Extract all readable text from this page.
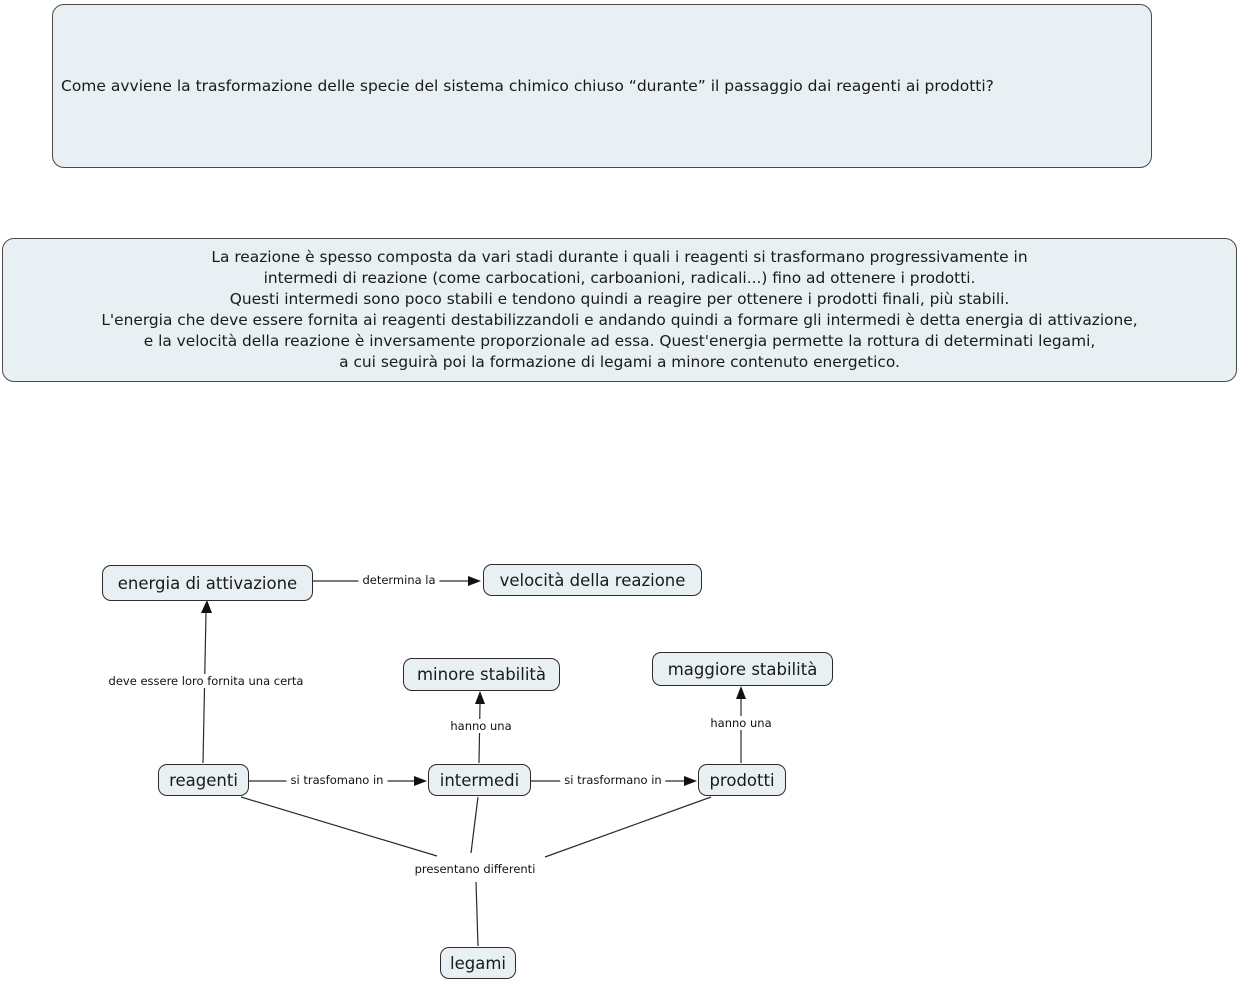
Come avviene la trasformazione delle specie del sistema chimico chiuso “durante” il passaggio dai reagenti ai prodotti?
La reazione è spesso composta da vari stadi durante i quali i reagenti si trasformano progressivamente in
intermedi di reazione (come carbocationi, carboanioni, radicali...) fino ad ottenere i prodotti.
Questi intermedi sono poco stabili e tendono quindi a reagire per ottenere i prodotti finali, più stabili.
L'energia che deve essere fornita ai reagenti destabilizzandoli e andando quindi a formare gli intermedi è detta energia di attivazione,
e la velocità della reazione è inversamente proporzionale ad essa. Quest'energia permette la rottura di determinati legami,
a cui seguirà poi la formazione di legami a minore contenuto energetico.
determina la
deve essere loro fornita una certa
si trasfomano in	si trasformano in
hanno una	hanno una
presentano differenti
energia di attivazione	velocità della reazione
minore stabilità	maggiore stabilità
reagenti	intermedi	prodotti
legami
